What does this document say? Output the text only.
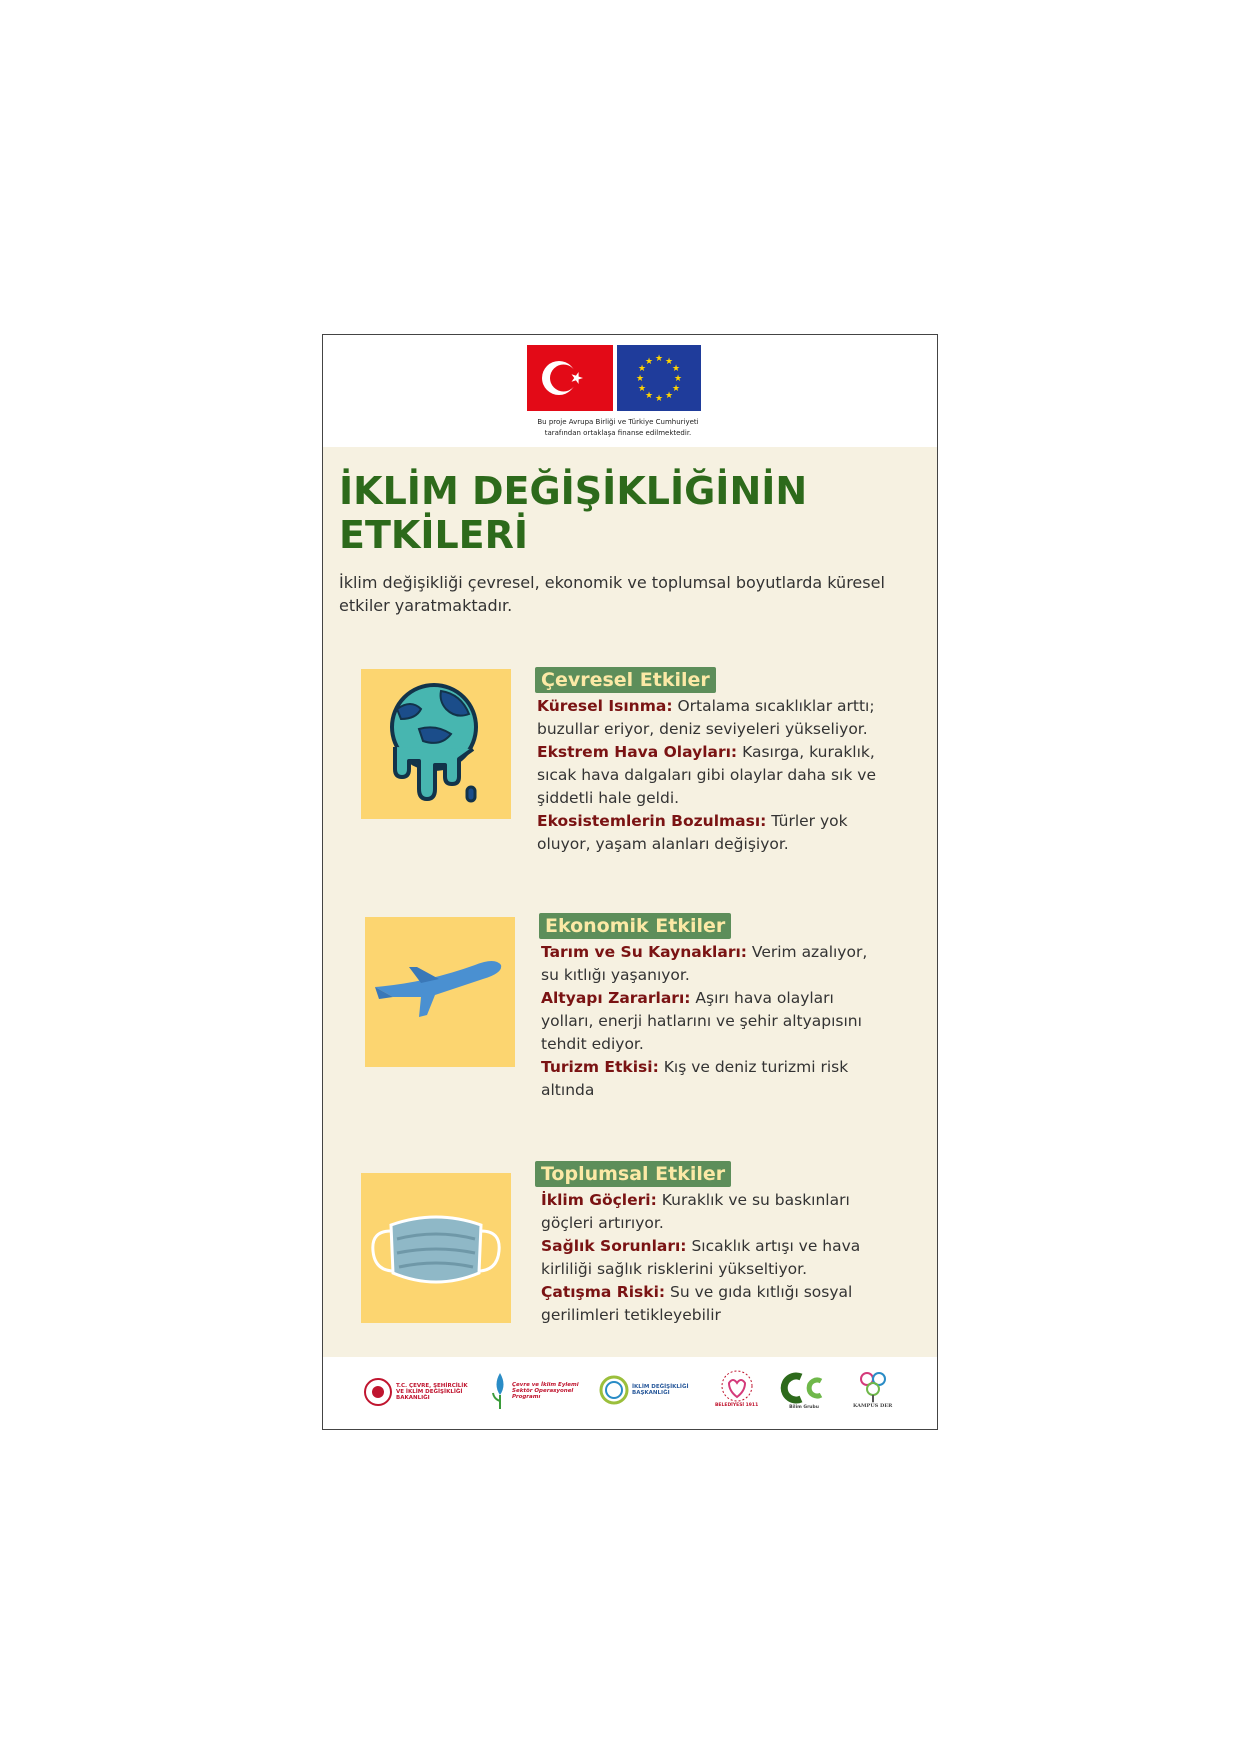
★ ★
★
★
★
★
★
★
★
★
★
★
Bu proje Avrupa Birliği ve Türkiye Cumhuriyeti
tarafından ortaklaşa finanse edilmektedir.
İKLİM DEĞİŞİKLİĞİNİN
ETKİLERİ
İklim değişikliği çevresel, ekonomik ve toplumsal boyutlarda küresel etkiler yaratmaktadır.
Çevresel Etkiler
Küresel Isınma: Ortalama sıcaklıklar arttı; buzullar eriyor, deniz seviyeleri yükseliyor.
Ekstrem Hava Olayları: Kasırga, kuraklık, sıcak hava dalgaları gibi olaylar daha sık ve şiddetli hale geldi.
Ekosistemlerin Bozulması: Türler yok oluyor, yaşam alanları değişiyor.
Ekonomik Etkiler
Tarım ve Su Kaynakları: Verim azalıyor, su kıtlığı yaşanıyor.
Altyapı Zararları: Aşırı hava olayları yolları, enerji hatlarını ve şehir altyapısını tehdit ediyor.
Turizm Etkisi: Kış ve deniz turizmi risk altında
Toplumsal Etkiler
İklim Göçleri: Kuraklık ve su baskınları göçleri artırıyor.
Sağlık Sorunları: Sıcaklık artışı ve hava kirliliği sağlık risklerini yükseltiyor.
Çatışma Riski: Su ve gıda kıtlığı sosyal gerilimleri tetikleyebilir
T.C. ÇEVRE, ŞEHİRCİLİK VE İKLİM DEĞİŞİKLİĞİ BAKANLIĞI
Çevre ve İklim Eylemi Sektör Operasyonel Programı
İKLİM DEĞİŞİKLİĞİ BAŞKANLIĞI
BELEDİYESİ 1911	Bilim Grubu	KAMPÜS DER
